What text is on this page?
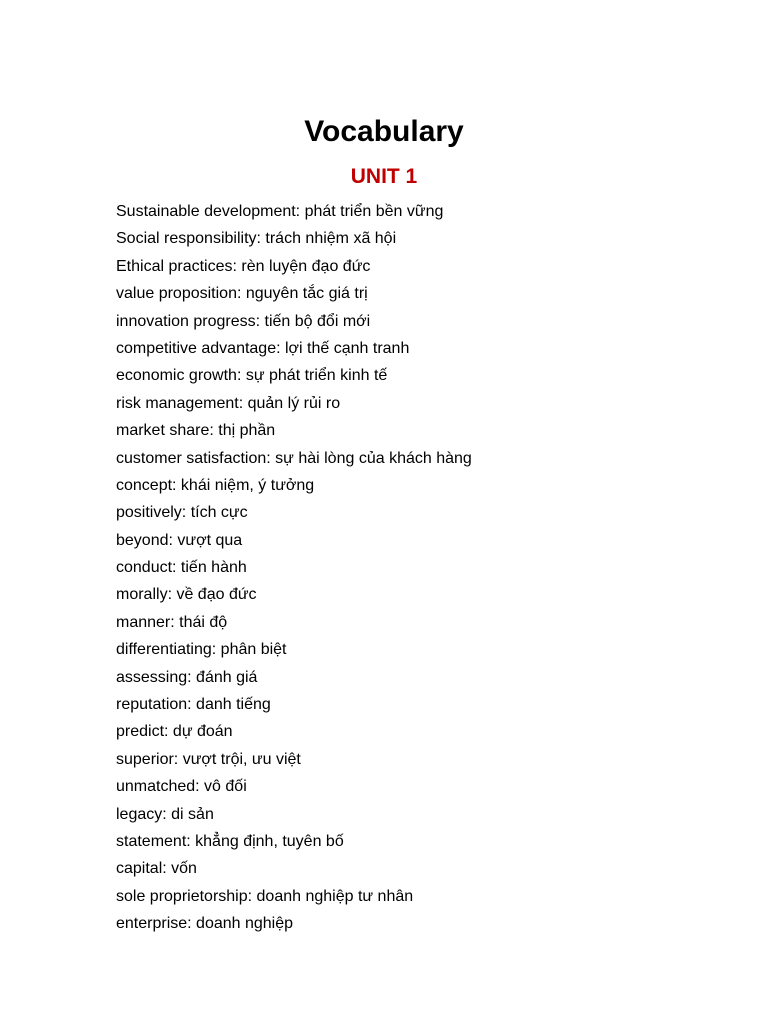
Vocabulary
UNIT 1
Sustainable development: phát triển bền vững
Social responsibility: trách nhiệm xã hội
Ethical practices: rèn luyện đạo đức
value proposition: nguyên tắc giá trị
innovation progress: tiến bộ đổi mới
competitive advantage: lợi thế cạnh tranh
economic growth: sự phát triển kinh tế
risk management: quản lý rủi ro
market share: thị phần
customer satisfaction: sự hài lòng của khách hàng
concept: khái niệm, ý tưởng
positively: tích cực
beyond: vượt qua
conduct: tiến hành
morally: về đạo đức
manner: thái độ
differentiating: phân biệt
assessing: đánh giá
reputation: danh tiếng
predict: dự đoán
superior: vượt trội, ưu việt
unmatched: vô đối
legacy: di sản
statement: khẳng định, tuyên bố
capital: vốn
sole proprietorship: doanh nghiệp tư nhân
enterprise: doanh nghiệp
